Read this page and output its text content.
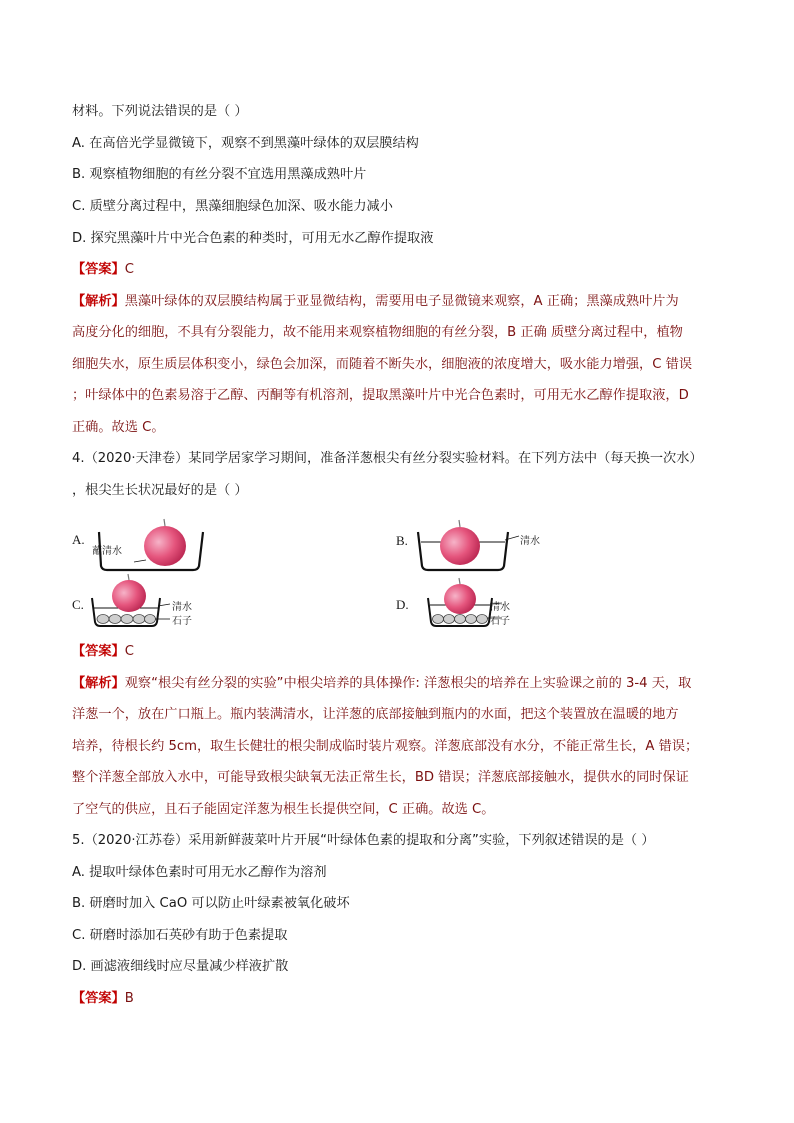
材料。下列说法错误的是（ ）
A. 在高倍光学显微镜下，观察不到黑藻叶绿体的双层膜结构
B. 观察植物细胞的有丝分裂不宜选用黑藻成熟叶片
C. 质壁分离过程中，黑藻细胞绿色加深、吸水能力减小
D. 探究黑藻叶片中光合色素的种类时，可用无水乙醇作提取液
【答案】C
【解析】黑藻叶绿体的双层膜结构属于亚显微结构，需要用电子显微镜来观察，A 正确；黑藻成熟叶片为
高度分化的细胞，不具有分裂能力，故不能用来观察植物细胞的有丝分裂，B 正确 质壁分离过程中，植物
细胞失水，原生质层体积变小，绿色会加深，而随着不断失水，细胞液的浓度增大，吸水能力增强，C 错误
；叶绿体中的色素易溶于乙醇、丙酮等有机溶剂，提取黑藻叶片中光合色素时，可用无水乙醇作提取液，D
正确。故选 C。
4.（2020·天津卷）某同学居家学习期间，准备洋葱根尖有丝分裂实验材料。在下列方法中（每天换一次水）
，根尖生长状况最好的是（ ）
A.
蘸清水
B.	清水
C.	清水
石子
D.	清水
石子
【答案】C
【解析】观察“根尖有丝分裂的实验”中根尖培养的具体操作: 洋葱根尖的培养在上实验课之前的 3-4 天，取
洋葱一个，放在广口瓶上。瓶内装满清水，让洋葱的底部接触到瓶内的水面，把这个装置放在温暖的地方
培养，待根长约 5cm，取生长健壮的根尖制成临时装片观察。洋葱底部没有水分，不能正常生长，A 错误；
整个洋葱全部放入水中，可能导致根尖缺氧无法正常生长，BD 错误；洋葱底部接触水，提供水的同时保证
了空气的供应，且石子能固定洋葱为根生长提供空间，C 正确。故选 C。
5.（2020·江苏卷）采用新鲜菠菜叶片开展“叶绿体色素的提取和分离”实验，下列叙述错误的是（ ）
A. 提取叶绿体色素时可用无水乙醇作为溶剂
B. 研磨时加入 CaO 可以防止叶绿素被氧化破坏
C. 研磨时添加石英砂有助于色素提取
D. 画滤液细线时应尽量减少样液扩散
【答案】B
